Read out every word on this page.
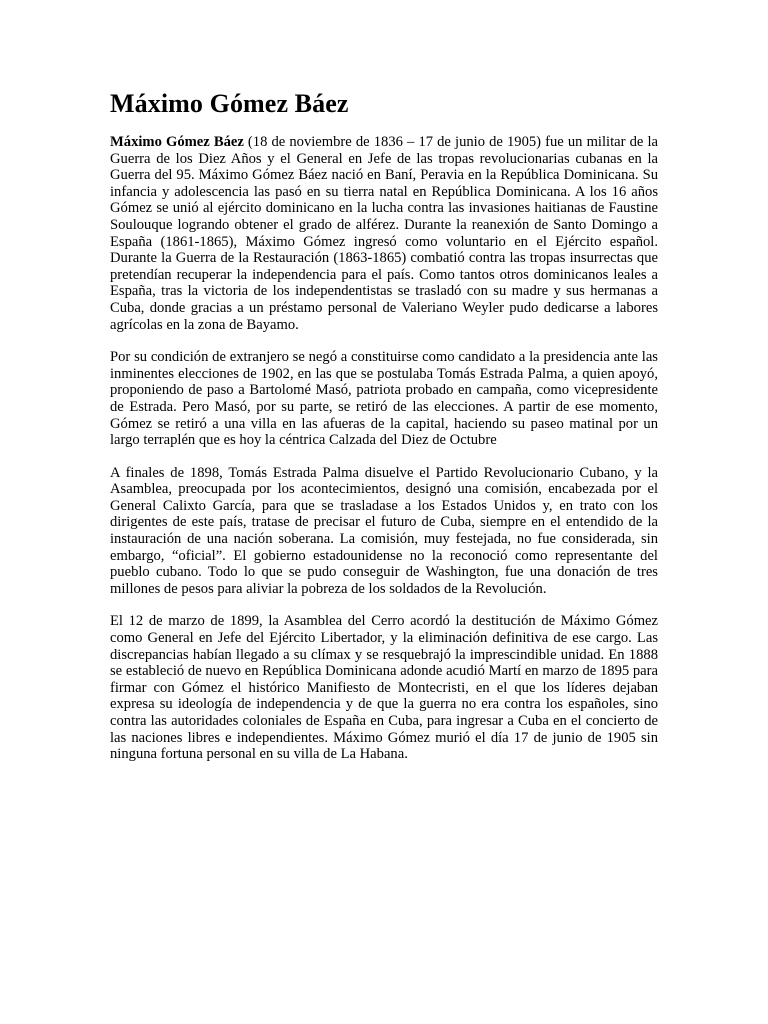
Máximo Gómez Báez

Máximo Gómez Báez (18 de noviembre de 1836 – 17 de junio de 1905) fue un militar de la Guerra de los Diez Años y el General en Jefe de las tropas revolucionarias cubanas en la Guerra del 95. Máximo Gómez Báez nació en Baní, Peravia en la República Dominicana. Su infancia y adolescencia las pasó en su tierra natal en República Dominicana. A los 16 años Gómez se unió al ejército dominicano en la lucha contra las invasiones haitianas de Faustine Soulouque logrando obtener el grado de alférez. Durante la reanexión de Santo Domingo a España (1861-1865), Máximo Gómez ingresó como voluntario en el Ejército español. Durante la Guerra de la Restauración (1863-1865) combatió contra las tropas insurrectas que pretendían recuperar la independencia para el país. Como tantos otros dominicanos leales a España, tras la victoria de los independentistas se trasladó con su madre y sus hermanas a Cuba, donde gracias a un préstamo personal de Valeriano Weyler pudo dedicarse a labores agrícolas en la zona de Bayamo.

Por su condición de extranjero se negó a constituirse como candidato a la presidencia ante las inminentes elecciones de 1902, en las que se postulaba Tomás Estrada Palma, a quien apoyó, proponiendo de paso a Bartolomé Masó, patriota probado en campaña, como vicepresidente de Estrada. Pero Masó, por su parte, se retiró de las elecciones. A partir de ese momento, Gómez se retiró a una villa en las afueras de la capital, haciendo su paseo matinal por un largo terraplén que es hoy la céntrica Calzada del Diez de Octubre

A finales de 1898, Tomás Estrada Palma disuelve el Partido Revolucionario Cubano, y la Asamblea, preocupada por los acontecimientos, designó una comisión, encabezada por el General Calixto García, para que se trasladase a los Estados Unidos y, en trato con los dirigentes de este país, tratase de precisar el futuro de Cuba, siempre en el entendido de la instauración de una nación soberana. La comisión, muy festejada, no fue considerada, sin embargo, “oficial”. El gobierno estadounidense no la reconoció como representante del pueblo cubano. Todo lo que se pudo conseguir de Washington, fue una donación de tres millones de pesos para aliviar la pobreza de los soldados de la Revolución.

El 12 de marzo de 1899, la Asamblea del Cerro acordó la destitución de Máximo Gómez como General en Jefe del Ejército Libertador, y la eliminación definitiva de ese cargo. Las discrepancias habían llegado a su clímax y se resquebrajó la imprescindible unidad. En 1888 se estableció de nuevo en República Dominicana adonde acudió Martí en marzo de 1895 para firmar con Gómez el histórico Manifiesto de Montecristi, en el que los líderes dejaban expresa su ideología de independencia y de que la guerra no era contra los españoles, sino contra las autoridades coloniales de España en Cuba, para ingresar a Cuba en el concierto de las naciones libres e independientes. Máximo Gómez murió el día 17 de junio de 1905 sin ninguna fortuna personal en su villa de La Habana.
